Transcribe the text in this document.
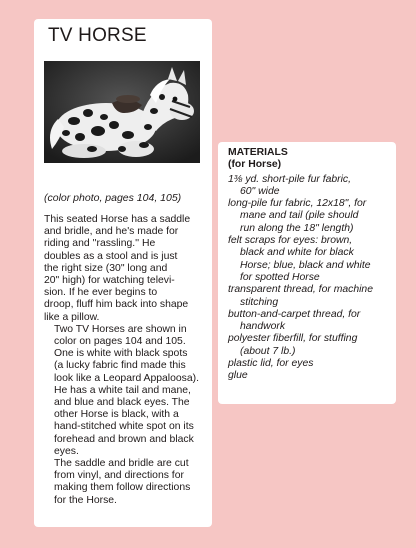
TV HORSE
(color photo, pages 104, 105)

This seated Horse has a saddle
and bridle, and he's made for
riding and ''rassling.'' He
doubles as a stool and is just
the right size (30" long and
20" high) for watching televi-
sion. If he ever begins to
droop, fluff him back into shape
like a pillow.

Two TV Horses are shown in
color on pages 104 and 105.
One is white with black spots
(a lucky fabric find made this
look like a Leopard Appaloosa).
He has a white tail and mane,
and blue and black eyes. The
other Horse is black, with a
hand-stitched white spot on its
forehead and brown and black
eyes.

The saddle and bridle are cut
from vinyl, and directions for
making them follow directions
for the Horse.

MATERIALS
(for Horse)
1⅜ yd. short-pile fur fabric,
60" wide
long-pile fur fabric, 12x18", for
mane and tail (pile should
run along the 18" length)
felt scraps for eyes: brown,
black and white for black
Horse; blue, black and white
for spotted Horse
transparent thread, for machine
stitching
button-and-carpet thread, for
handwork
polyester fiberfill, for stuffing
(about 7 lb.)
plastic lid, for eyes
glue
